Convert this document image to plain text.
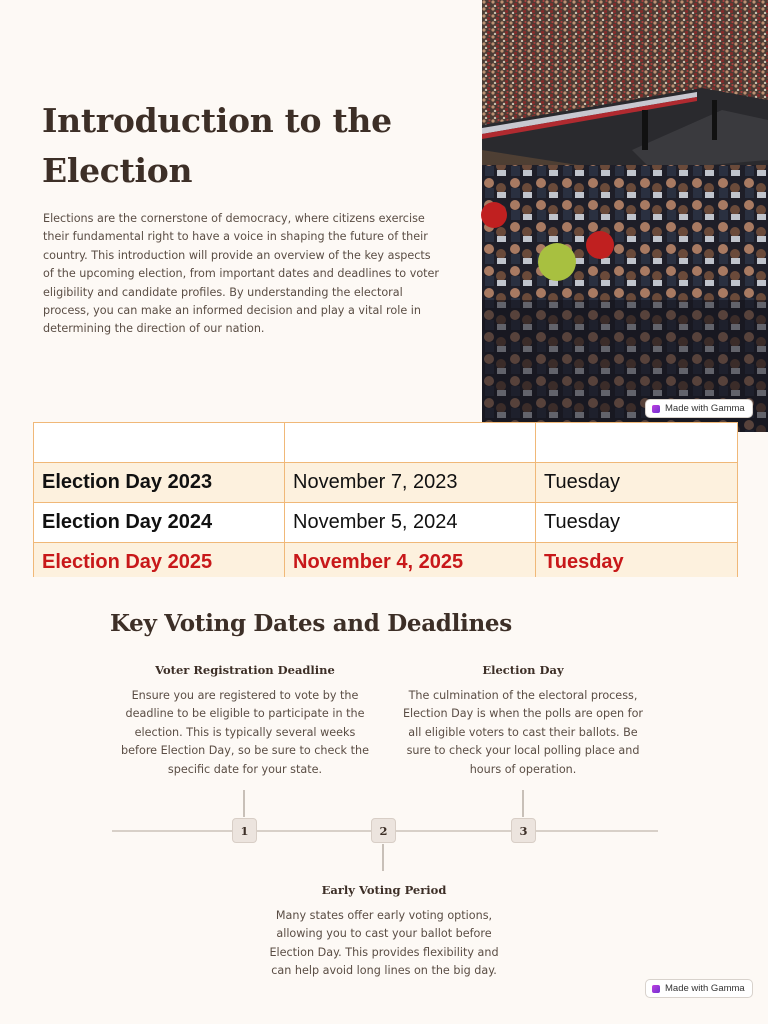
Introduction to the Election

Elections are the cornerstone of democracy, where citizens exercise their fundamental right to have a voice in shaping the future of their country. This introduction will provide an overview of the key aspects of the upcoming election, from important dates and deadlines to voter eligibility and candidate profiles. By understanding the electoral process, you can make an informed decision and play a vital role in determining the direction of our nation.

Made with Gamma

Election Day 2023	November 7, 2023	Tuesday
Election Day 2024	November 5, 2024	Tuesday
Election Day 2025	November 4, 2025	Tuesday

Key Voting Dates and Deadlines
Voter Registration Deadline

Ensure you are registered to vote by the deadline to be eligible to participate in the election. This is typically several weeks before Election Day, so be sure to check the specific date for your state.

Election Day

The culmination of the electoral process, Election Day is when the polls are open for all eligible voters to cast their ballots. Be sure to check your local polling place and hours of operation.

1	2	3
Early Voting Period

Many states offer early voting options, allowing you to cast your ballot before Election Day. This provides flexibility and can help avoid long lines on the big day.

Made with Gamma
